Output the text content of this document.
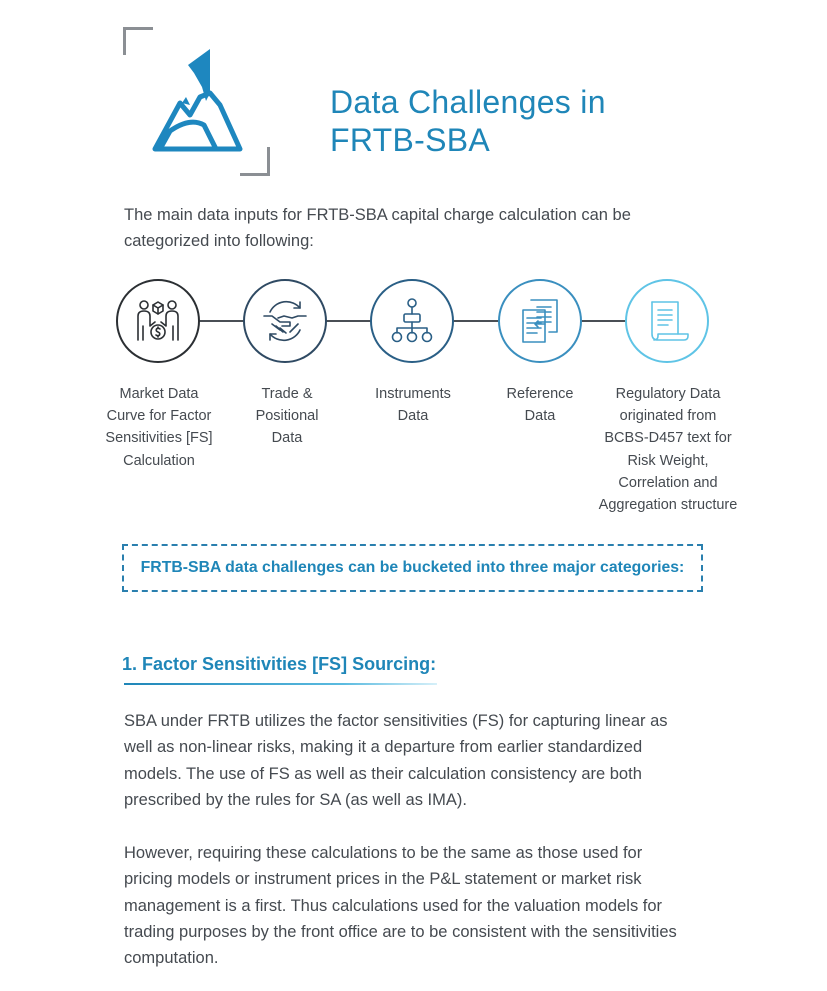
Data Challenges in
FRTB-SBA
The main data inputs for FRTB-SBA capital charge calculation can be
categorized into following:
Market Data
Curve for Factor
Sensitivities [FS]
Calculation
Trade &
Positional
Data
Instruments
Data
Reference
Data
Regulatory Data
originated from
BCBS-D457 text for
Risk Weight,
Correlation and
Aggregation structure
FRTB-SBA data challenges can be bucketed into three major categories:
1. Factor Sensitivities [FS] Sourcing:
SBA under FRTB utilizes the factor sensitivities (FS) for capturing linear as
well as non-linear risks, making it a departure from earlier standardized
models. The use of FS as well as their calculation consistency are both
prescribed by the rules for SA (as well as IMA).
However, requiring these calculations to be the same as those used for
pricing models or instrument prices in the P&L statement or market risk
management is a first. Thus calculations used for the valuation models for
trading purposes by the front office are to be consistent with the sensitivities
computation.
